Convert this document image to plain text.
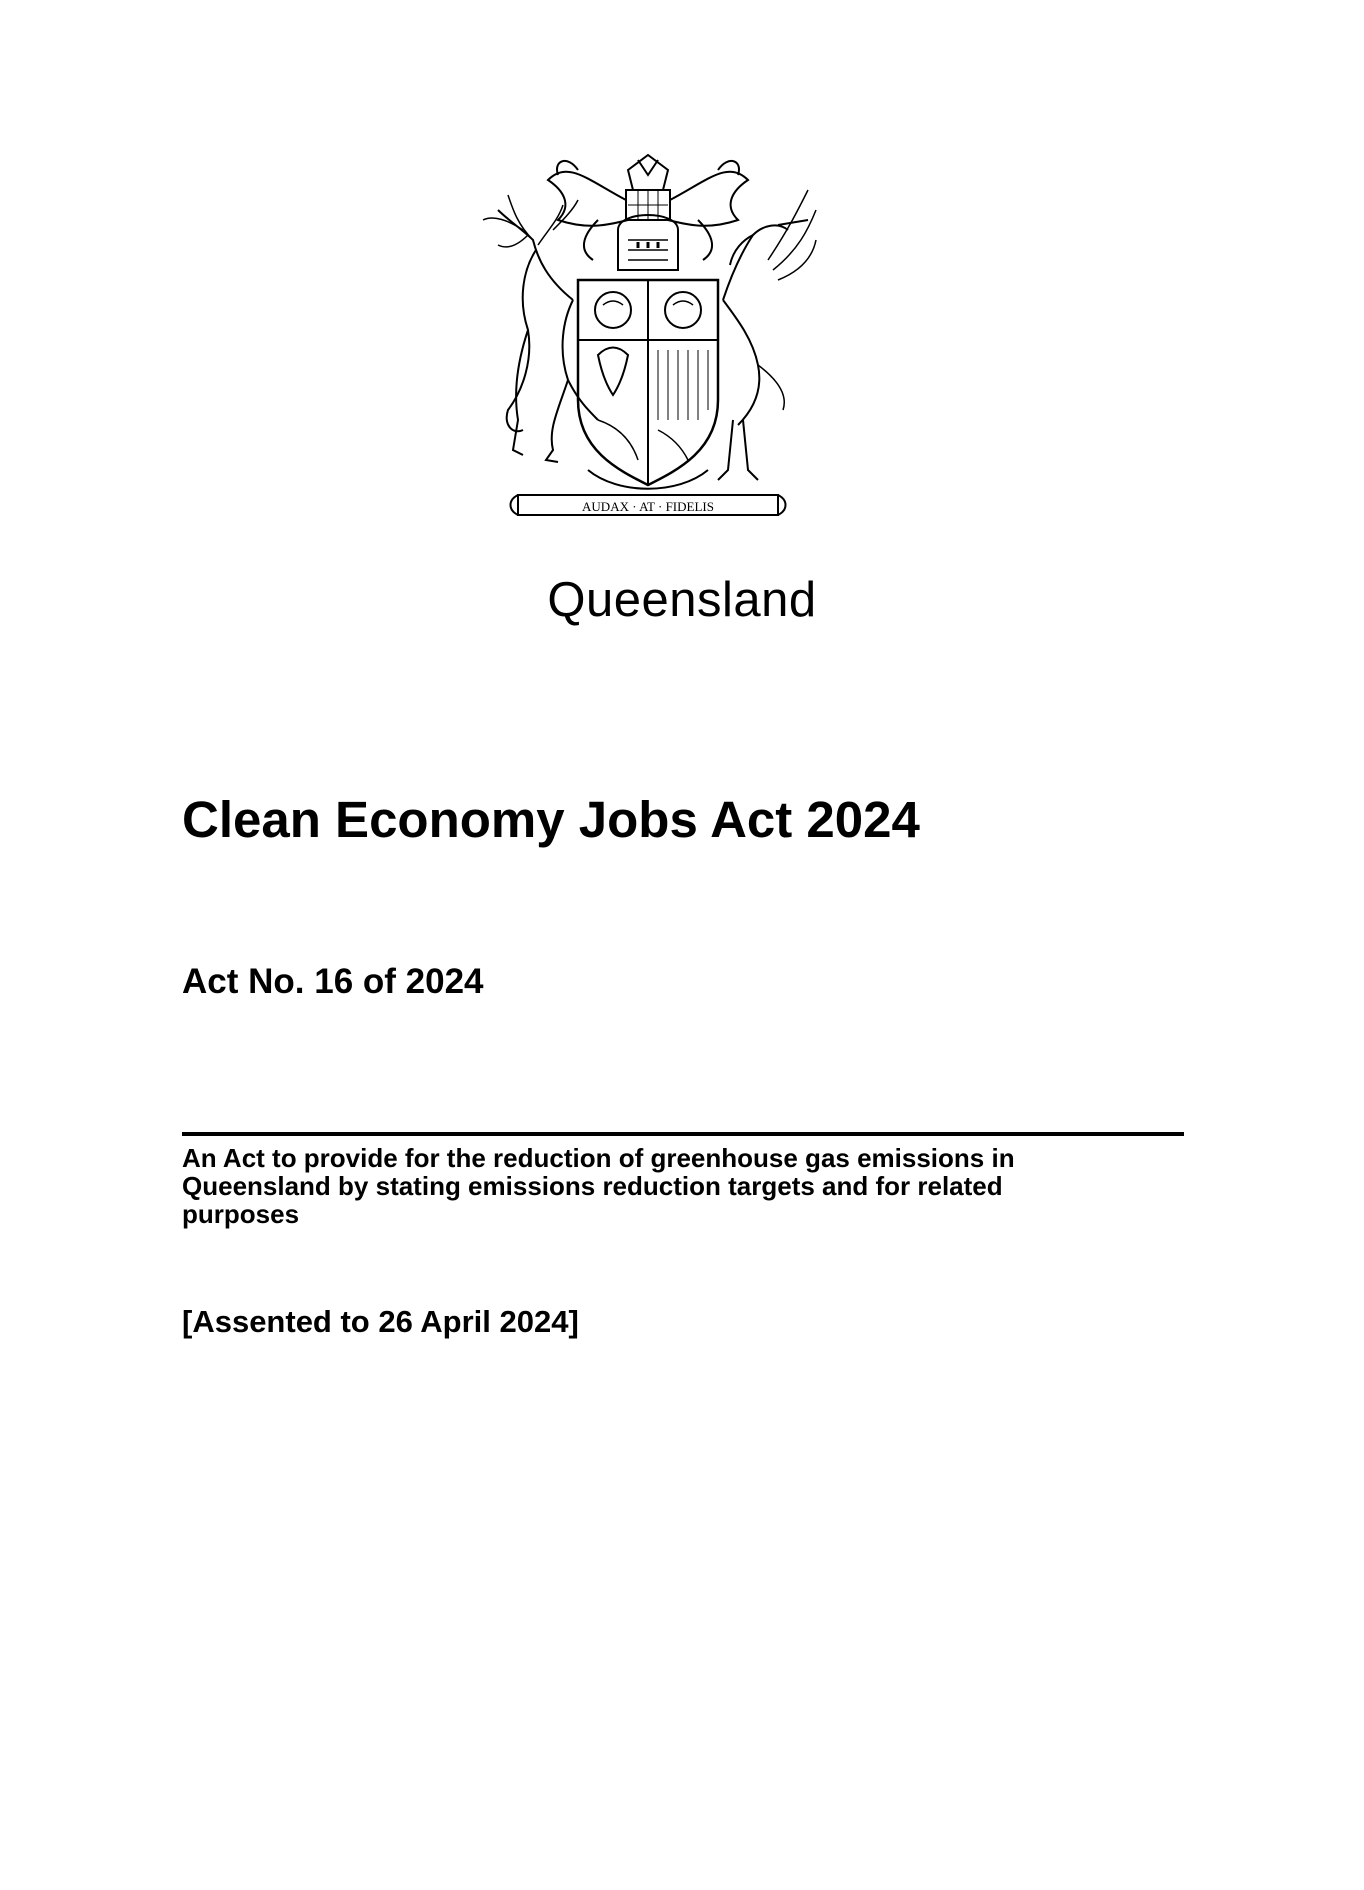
AUDAX · AT · FIDELIS
Queensland
Clean Economy Jobs Act 2024
Act No. 16 of 2024
An Act to provide for the reduction of greenhouse gas emissions in
Queensland by stating emissions reduction targets and for related
purposes
[Assented to 26 April 2024]
